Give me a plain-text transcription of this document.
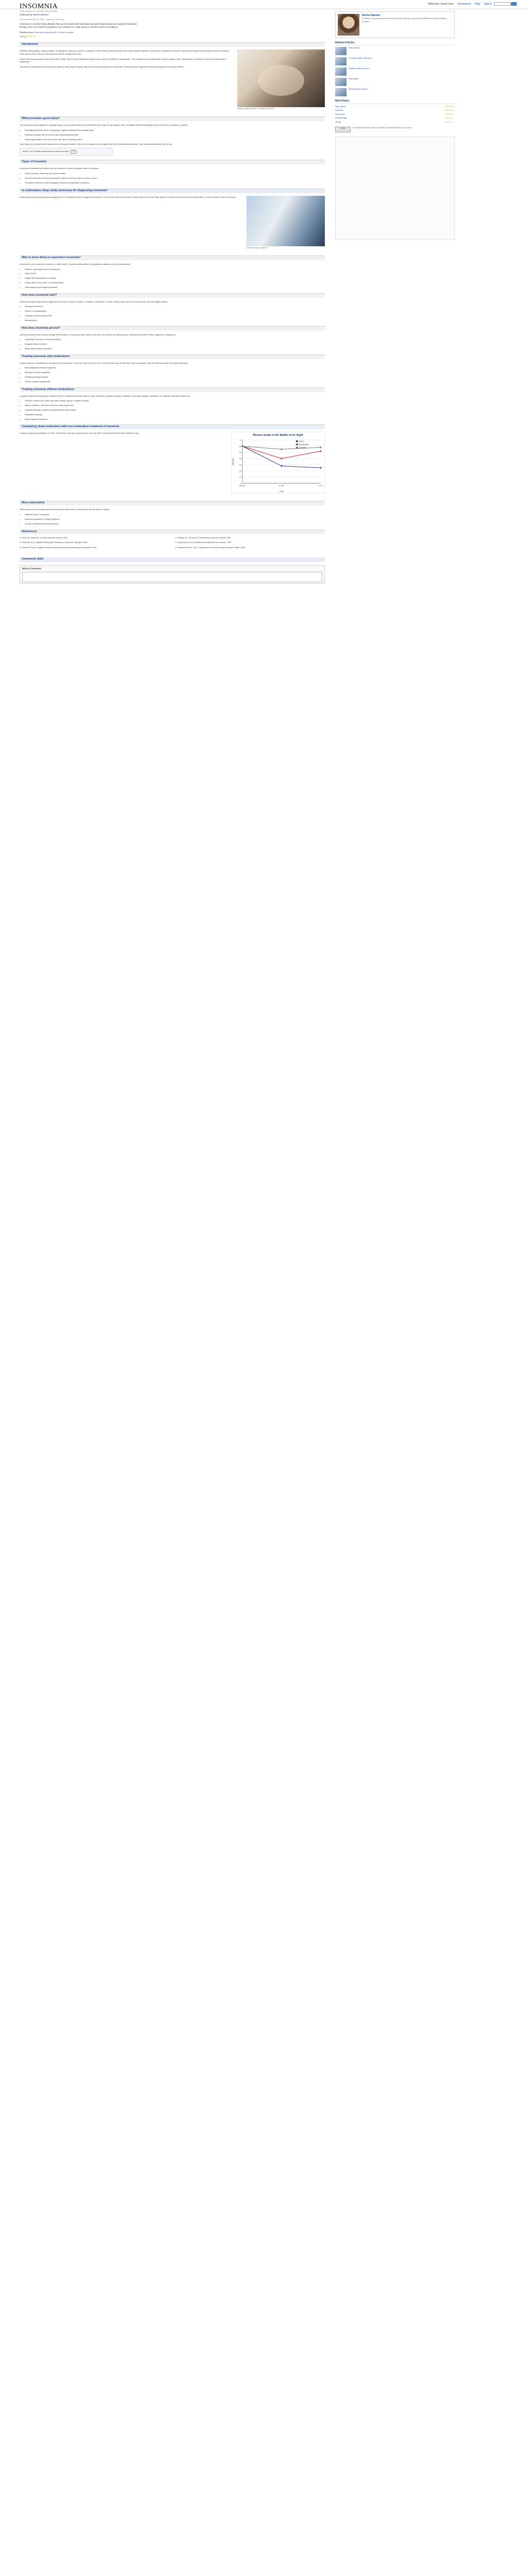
INSOMNIA	Welcome, Guest User Connexions Help Sign In
Sleep disorders | Insomnia | Sleep health
Authored by Rachel Manber
Last Modified Mar 24, 2010 · Stanford University
Insomnia is a common sleep disorder that can be treated with medications and with sleep training and cognitive behavioral therapy. Here, we review its symptoms, how common it is, what causes it, and the science of treating it.
Related terms: insomnia, sleep disorder, chronic insomnia
Rating ★★★★☆
Introduction
Image courtesy of Flickr · Creative Commons

Difficulty falling asleep, staying asleep, or waking too early are common complaints. When these problems persist and cause daytime distress, insomnia is considered a disorder. Insomnia is experienced by about a third of adults at some point in their lives and becomes chronic for roughly one in ten.

People with insomnia often worry about their sleep, feel tired and irritable during the day, and find it difficult to concentrate. The condition is associated with reduced quality of life, absenteeism, accidents, and an increased risk of depression.

This article summarizes how insomnia is defined, what keeps it going, and the two main approaches to treatment: medications and cognitive behavioral therapy for insomnia (CBT-I).

What promotes good sleep?

Two processes work together to regulate sleep: a homeostatic sleep drive that builds the longer we are awake, and a circadian rhythm that signals when it is time to be awake or asleep.

• Strengthening sleep drive by keeping a regular schedule and avoiding naps.
• Keeping a regular rise time every day, including weekends.
• Reducing arousal in the hour before bed with a relaxing routine.

Good sleep is promoted when sleep drive is strong at bedtime, when the circadian clock is aligned with the desired sleep schedule, and when arousal before bed is low.

About 1 in 10 adults experiences chronic insomnia. CC
Types of insomnia

Insomnia is classified by duration and by whether it occurs alongside another condition.

• Acute insomnia: lasts less than three months.
• Chronic insomnia: occurs at least three nights a week for three months or more.
• Comorbid insomnia: occurs alongside medical or psychiatric conditions.
Is a laboratory sleep study necessary for diagnosing insomnia?
A sleep study in progress

A laboratory sleep study (polysomnography) is not routinely needed to diagnose insomnia. It is recommended when another sleep disorder such as sleep apnea or periodic limb movements is suspected, or when treatment has not worked.

Who is more likely to experience insomnia?

Insomnia is more common in women, in older adults, in people with medical or psychiatric conditions, and in shift workers.

• Women, especially around menopause.
• Older adults.
• People with depression or anxiety.
• People with chronic pain or medical illness.
• Shift workers and frequent travelers.
How does insomnia start?

Insomnia usually begins with a triggering event such as stress, illness, a change in schedule, or a loss. Most people return to normal sleep once the trigger passes.

• Stressful life events
• Illness or hospitalization
• Change of sleep environment
• Bereavement
How does insomnia persist?

Insomnia persists when people change their behavior in ways that make sense short term but weaken the sleep system: spending extra time in bed, napping, or sleeping in.

• Spending more time in bed than asleep.
• Irregular sleep schedule.
• Worry about sleep at bedtime.
Treating insomnia with medications

Several classes of medications are approved for insomnia. They can help in the short term, but benefits may not last after they are stopped, and side effects include next-day sleepiness.

• Benzodiazepine receptor agonists
• Melatonin receptor agonists
• Sedating antidepressants
• Orexin receptor antagonists
Treating insomnia without medications

Cognitive behavioral therapy for insomnia (CBT-I) combines stimulus control, sleep restriction, cognitive therapy, relaxation, and sleep hygiene education. It is effective and its benefits last.

• Stimulus control: go to bed only when sleepy; get up if unable to sleep.
• Sleep restriction: limit time in bed to actual sleep time.
• Cognitive therapy: address unhelpful beliefs about sleep.
• Relaxation training.
• Sleep hygiene education.
Comparing sleep medication with non-medication treatment of insomnia
Minutes Awake in the Middle of the Night
0
10
20
30
40
50
60
70
Before	6 wks	6 mo
Time
Minutes
CBT-I
Medication
Placebo

Studies comparing medication to CBT-I find similar short-term improvement, but only CBT-I maintains benefits after treatment ends.

More information

Web resources on insomnia and sleep health are listed below, along with books for further reading.

• National Sleep Foundation
• American Academy of Sleep Medicine
• Society of Behavioral Sleep Medicine
References

1. Morin CM, Benca R. Chronic insomnia. Lancet. 2012.	2. Edinger JD, Carney CE. Overcoming Insomnia. Oxford; 2008.

3. Perlis ML et al. Cognitive Behavioral Treatment of Insomnia. Springer; 2005.	4. Spielman AJ et al. A behavioral perspective on insomnia. 1987.

5. Jacobs GD et al. Cognitive behavior therapy and pharmacotherapy for insomnia. 2004.	6. Sivertsen B et al. CBT vs zopiclone for chronic primary insomnia. JAMA. 2006.

Comments Q&A
Write a Comment
Rachel Manber
Professor, Psychiatry and Behavioral Sciences; Director, Insomnia and Behavioral Sleep Medicine Program.
Related Articles
Sleep apnea
Circadian rhythm disorders
Restless legs syndrome
Narcolepsy
Sleep and depression
Most Rated
Sleep apnea	★★★★★
Insomnia	★★★★☆
Narcolepsy	★★★★☆
Restless legs	★★★☆☆
Jet lag	★★★☆☆
cc by	This article is licensed under a Creative Commons Attribution 3.0 License.
